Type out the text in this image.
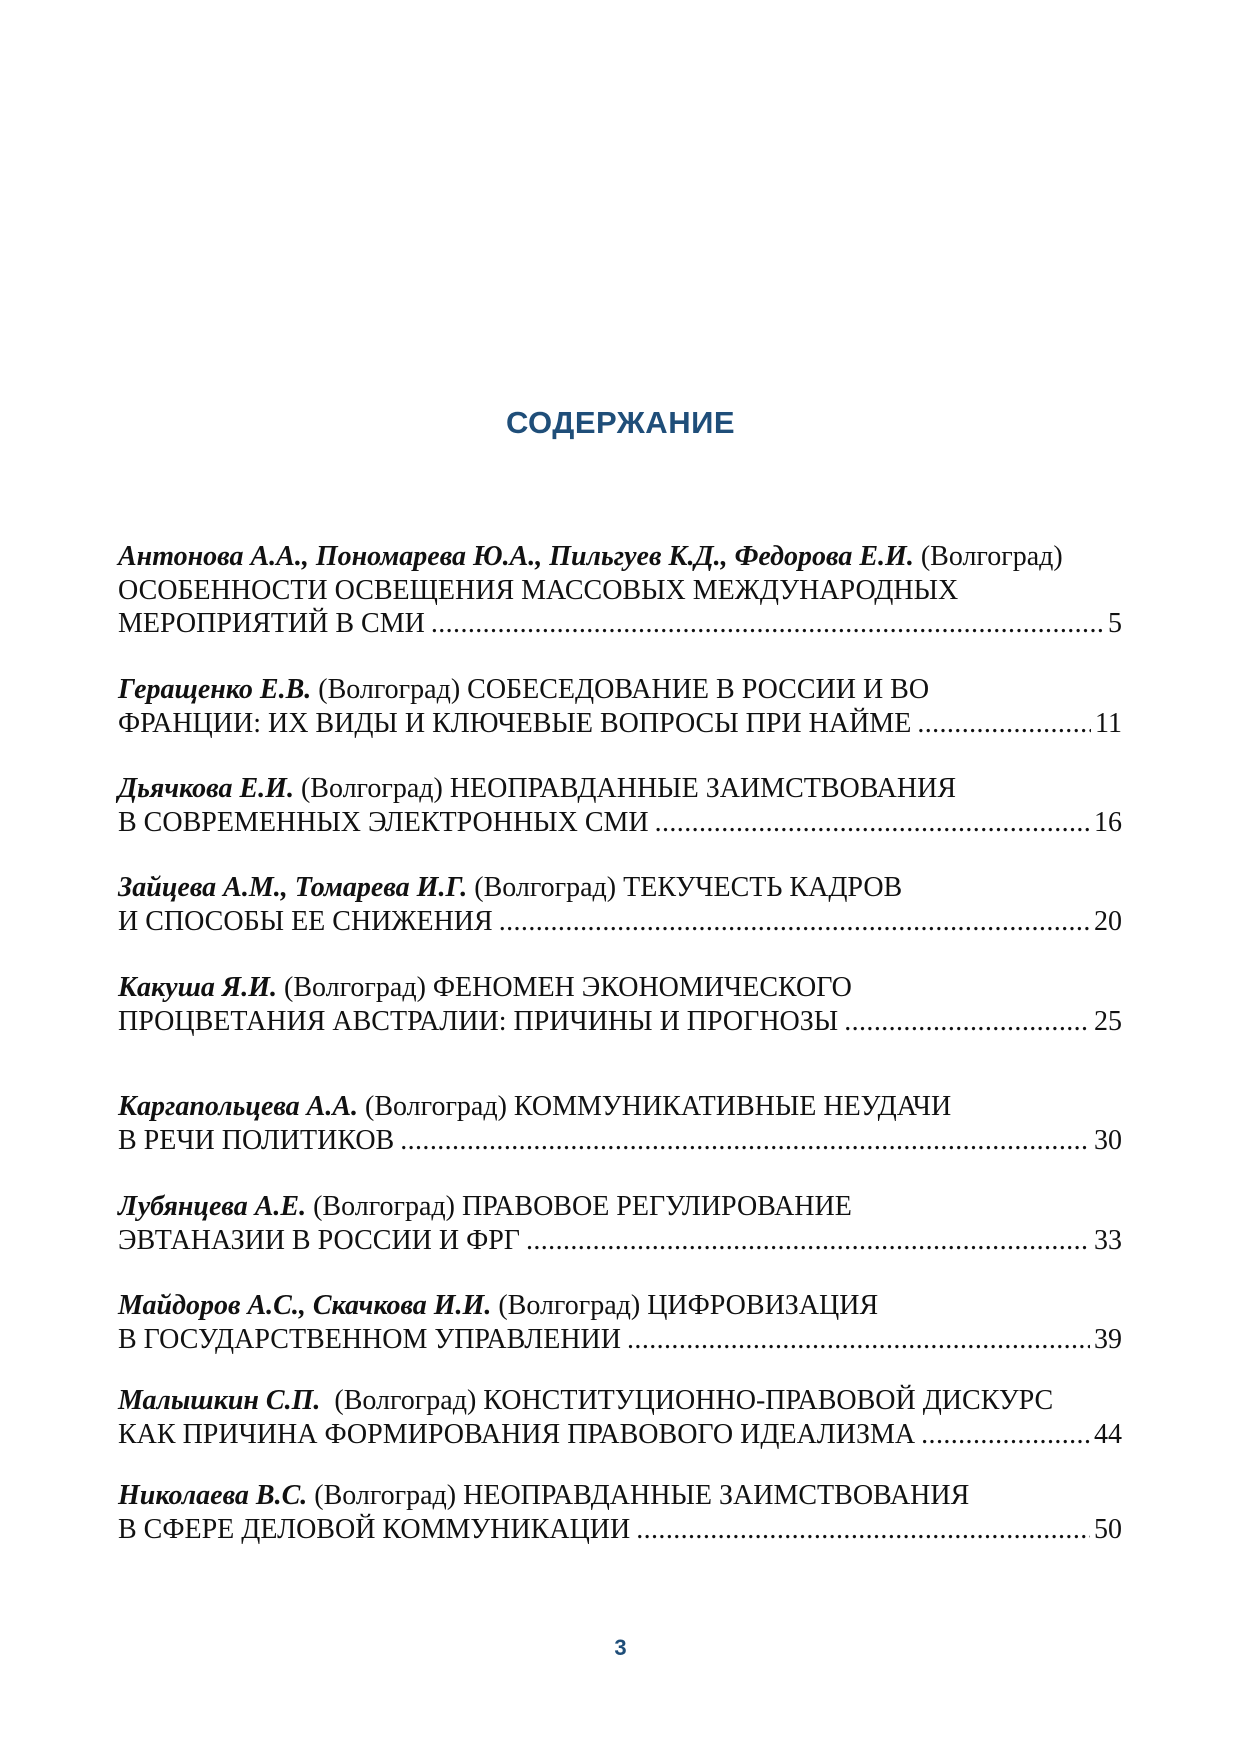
СОДЕРЖАНИЕ
Антонова А.А., Пономарева Ю.А., Пильгуев К.Д., Федорова Е.И. (Волгоград)
ОСОБЕННОСТИ ОСВЕЩЕНИЯ МАССОВЫХ МЕЖДУНАРОДНЫХ
МЕРОПРИЯТИЙ В СМИ .....	5
Геращенко Е.В. (Волгоград) СОБЕСЕДОВАНИЕ В РОССИИ И ВО
ФРАНЦИИ: ИХ ВИДЫ И КЛЮЧЕВЫЕ ВОПРОСЫ ПРИ НАЙМЕ .....	11
Дьячкова Е.И. (Волгоград) НЕОПРАВДАННЫЕ ЗАИМСТВОВАНИЯ
В СОВРЕМЕННЫХ ЭЛЕКТРОННЫХ СМИ .....	16
Зайцева А.М., Томарева И.Г. (Волгоград) ТЕКУЧЕСТЬ КАДРОВ
И СПОСОБЫ ЕЕ СНИЖЕНИЯ .....	20
Какуша Я.И. (Волгоград) ФЕНОМЕН ЭКОНОМИЧЕСКОГО
ПРОЦВЕТАНИЯ АВСТРАЛИИ: ПРИЧИНЫ И ПРОГНОЗЫ .....	25
Каргапольцева А.А. (Волгоград) КОММУНИКАТИВНЫЕ НЕУДАЧИ
В РЕЧИ ПОЛИТИКОВ .....	30
Лубянцева А.Е. (Волгоград) ПРАВОВОЕ РЕГУЛИРОВАНИЕ
ЭВТАНАЗИИ В РОССИИ И ФРГ .....	33
Майдоров А.С., Скачкова И.И. (Волгоград) ЦИФРОВИЗАЦИЯ
В ГОСУДАРСТВЕННОМ УПРАВЛЕНИИ .....	39
Малышкин С.П.  (Волгоград) КОНСТИТУЦИОННО-ПРАВОВОЙ ДИСКУРС
КАК ПРИЧИНА ФОРМИРОВАНИЯ ПРАВОВОГО ИДЕАЛИЗМА .....	44
Николаева В.С. (Волгоград) НЕОПРАВДАННЫЕ ЗАИМСТВОВАНИЯ
В СФЕРЕ ДЕЛОВОЙ КОММУНИКАЦИИ .....	50
3
